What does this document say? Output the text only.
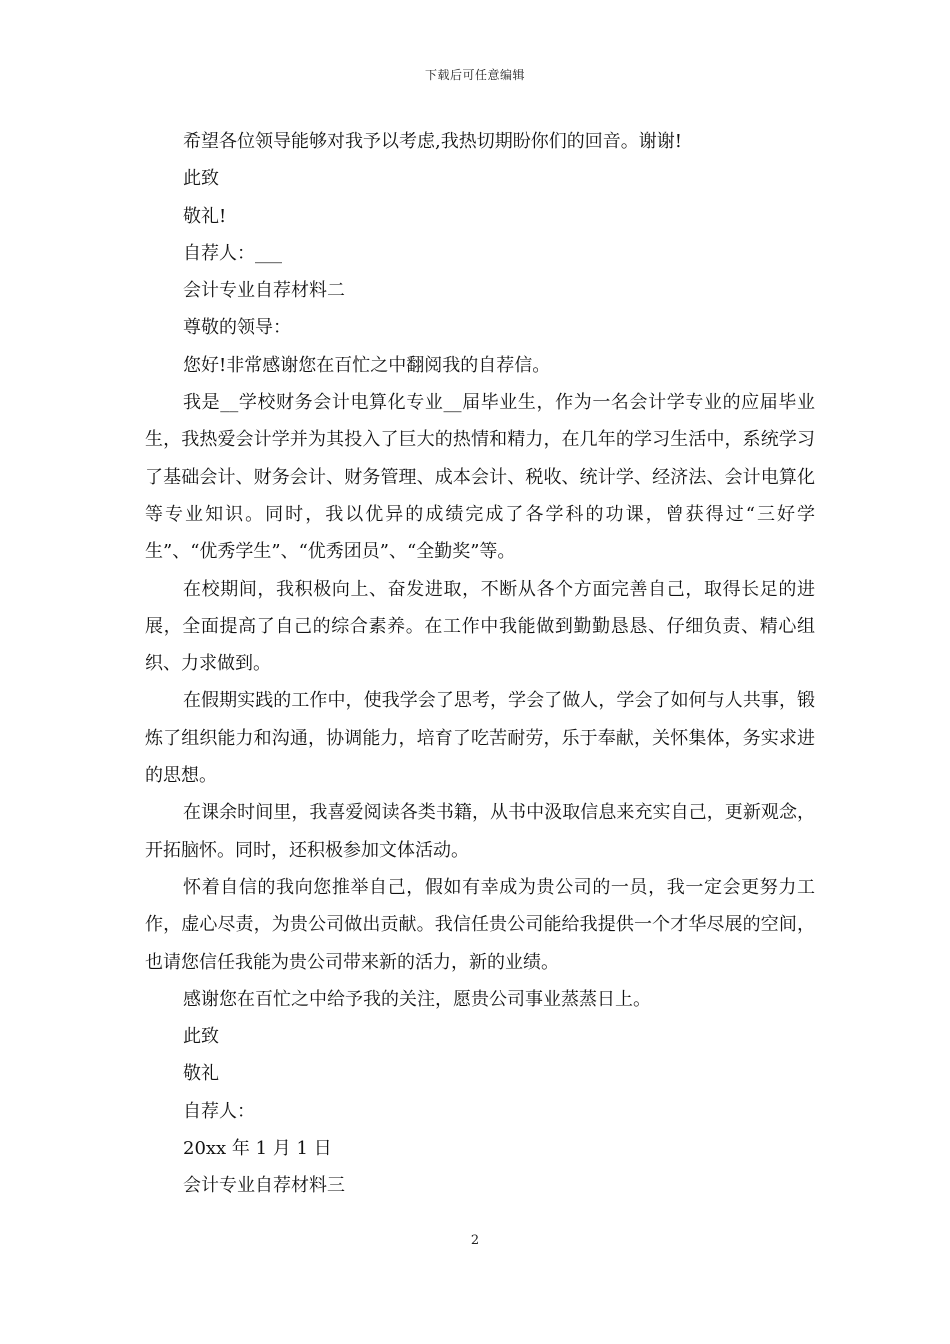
下载后可任意编辑

希望各位领导能够对我予以考虑,我热切期盼你们的回音。谢谢!

此致

敬礼!

自荐人：___

会计专业自荐材料二

尊敬的领导：

您好!非常感谢您在百忙之中翻阅我的自荐信。

我是__学校财务会计电算化专业__届毕业生，作为一名会计学专业的应届毕业生，我热爱会计学并为其投入了巨大的热情和精力，在几年的学习生活中，系统学习了基础会计、财务会计、财务管理、成本会计、税收、统计学、经济法、会计电算化等专业知识。同时，我以优异的成绩完成了各学科的功课，曾获得过“三好学生”、“优秀学生”、“优秀团员”、“全勤奖”等。

在校期间，我积极向上、奋发进取，不断从各个方面完善自己，取得长足的进展，全面提高了自己的综合素养。在工作中我能做到勤勤恳恳、仔细负责、精心组织、力求做到。

在假期实践的工作中，使我学会了思考，学会了做人，学会了如何与人共事，锻炼了组织能力和沟通，协调能力，培育了吃苦耐劳，乐于奉献，关怀集体，务实求进的思想。

在课余时间里，我喜爱阅读各类书籍，从书中汲取信息来充实自己，更新观念，开拓脑怀。同时，还积极参加文体活动。

怀着自信的我向您推举自己，假如有幸成为贵公司的一员，我一定会更努力工作，虚心尽责，为贵公司做出贡献。我信任贵公司能给我提供一个才华尽展的空间，也请您信任我能为贵公司带来新的活力，新的业绩。

感谢您在百忙之中给予我的关注，愿贵公司事业蒸蒸日上。

此致

敬礼

自荐人：

20xx 年 1 月 1 日

会计专业自荐材料三

2
